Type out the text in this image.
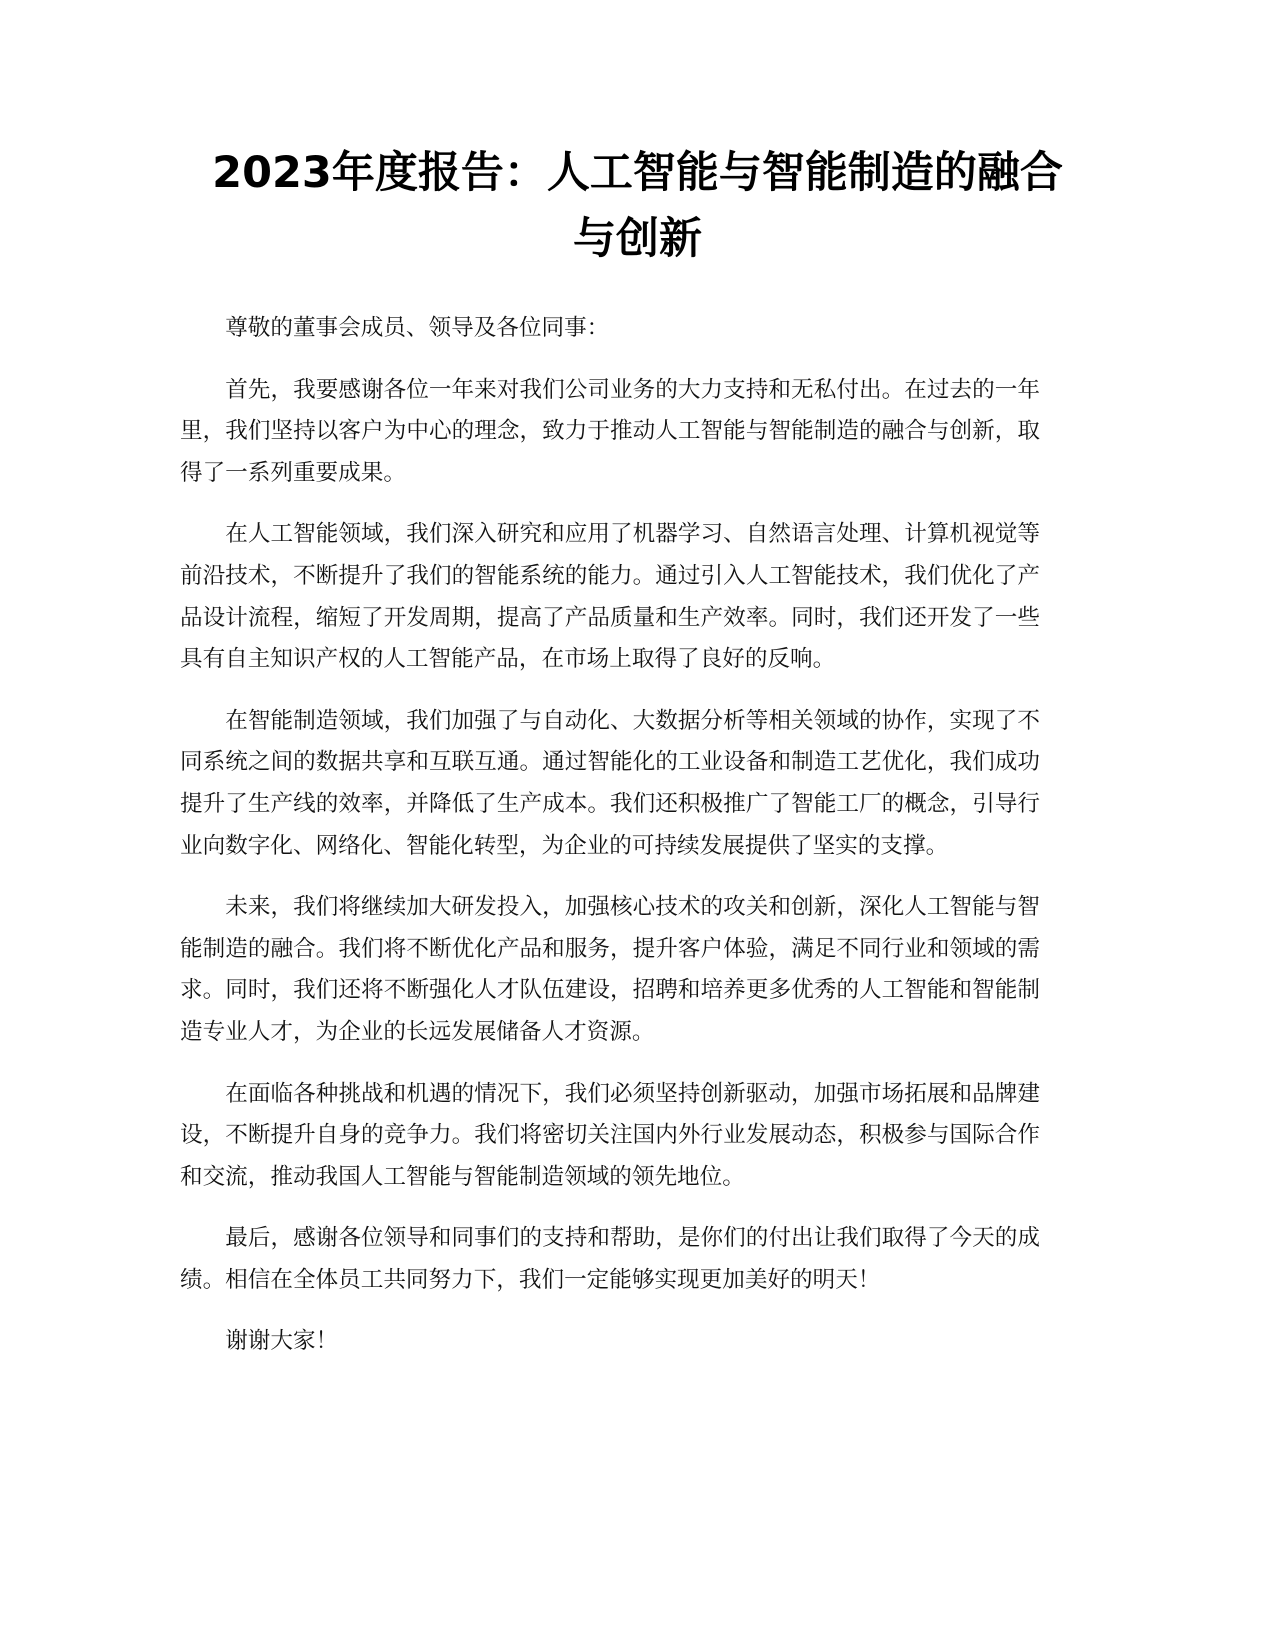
2023年度报告：人工智能与智能制造的融合
与创新

尊敬的董事会成员、领导及各位同事：

首先，我要感谢各位一年来对我们公司业务的大力支持和无私付出。在过去的一年里，我们坚持以客户为中心的理念，致力于推动人工智能与智能制造的融合与创新，取得了一系列重要成果。

在人工智能领域，我们深入研究和应用了机器学习、自然语言处理、计算机视觉等前沿技术，不断提升了我们的智能系统的能力。通过引入人工智能技术，我们优化了产品设计流程，缩短了开发周期，提高了产品质量和生产效率。同时，我们还开发了一些具有自主知识产权的人工智能产品，在市场上取得了良好的反响。

在智能制造领域，我们加强了与自动化、大数据分析等相关领域的协作，实现了不同系统之间的数据共享和互联互通。通过智能化的工业设备和制造工艺优化，我们成功提升了生产线的效率，并降低了生产成本。我们还积极推广了智能工厂的概念，引导行业向数字化、网络化、智能化转型，为企业的可持续发展提供了坚实的支撑。

未来，我们将继续加大研发投入，加强核心技术的攻关和创新，深化人工智能与智能制造的融合。我们将不断优化产品和服务，提升客户体验，满足不同行业和领域的需求。同时，我们还将不断强化人才队伍建设，招聘和培养更多优秀的人工智能和智能制造专业人才，为企业的长远发展储备人才资源。

在面临各种挑战和机遇的情况下，我们必须坚持创新驱动，加强市场拓展和品牌建设，不断提升自身的竞争力。我们将密切关注国内外行业发展动态，积极参与国际合作和交流，推动我国人工智能与智能制造领域的领先地位。

最后，感谢各位领导和同事们的支持和帮助，是你们的付出让我们取得了今天的成绩。相信在全体员工共同努力下，我们一定能够实现更加美好的明天！

谢谢大家！
